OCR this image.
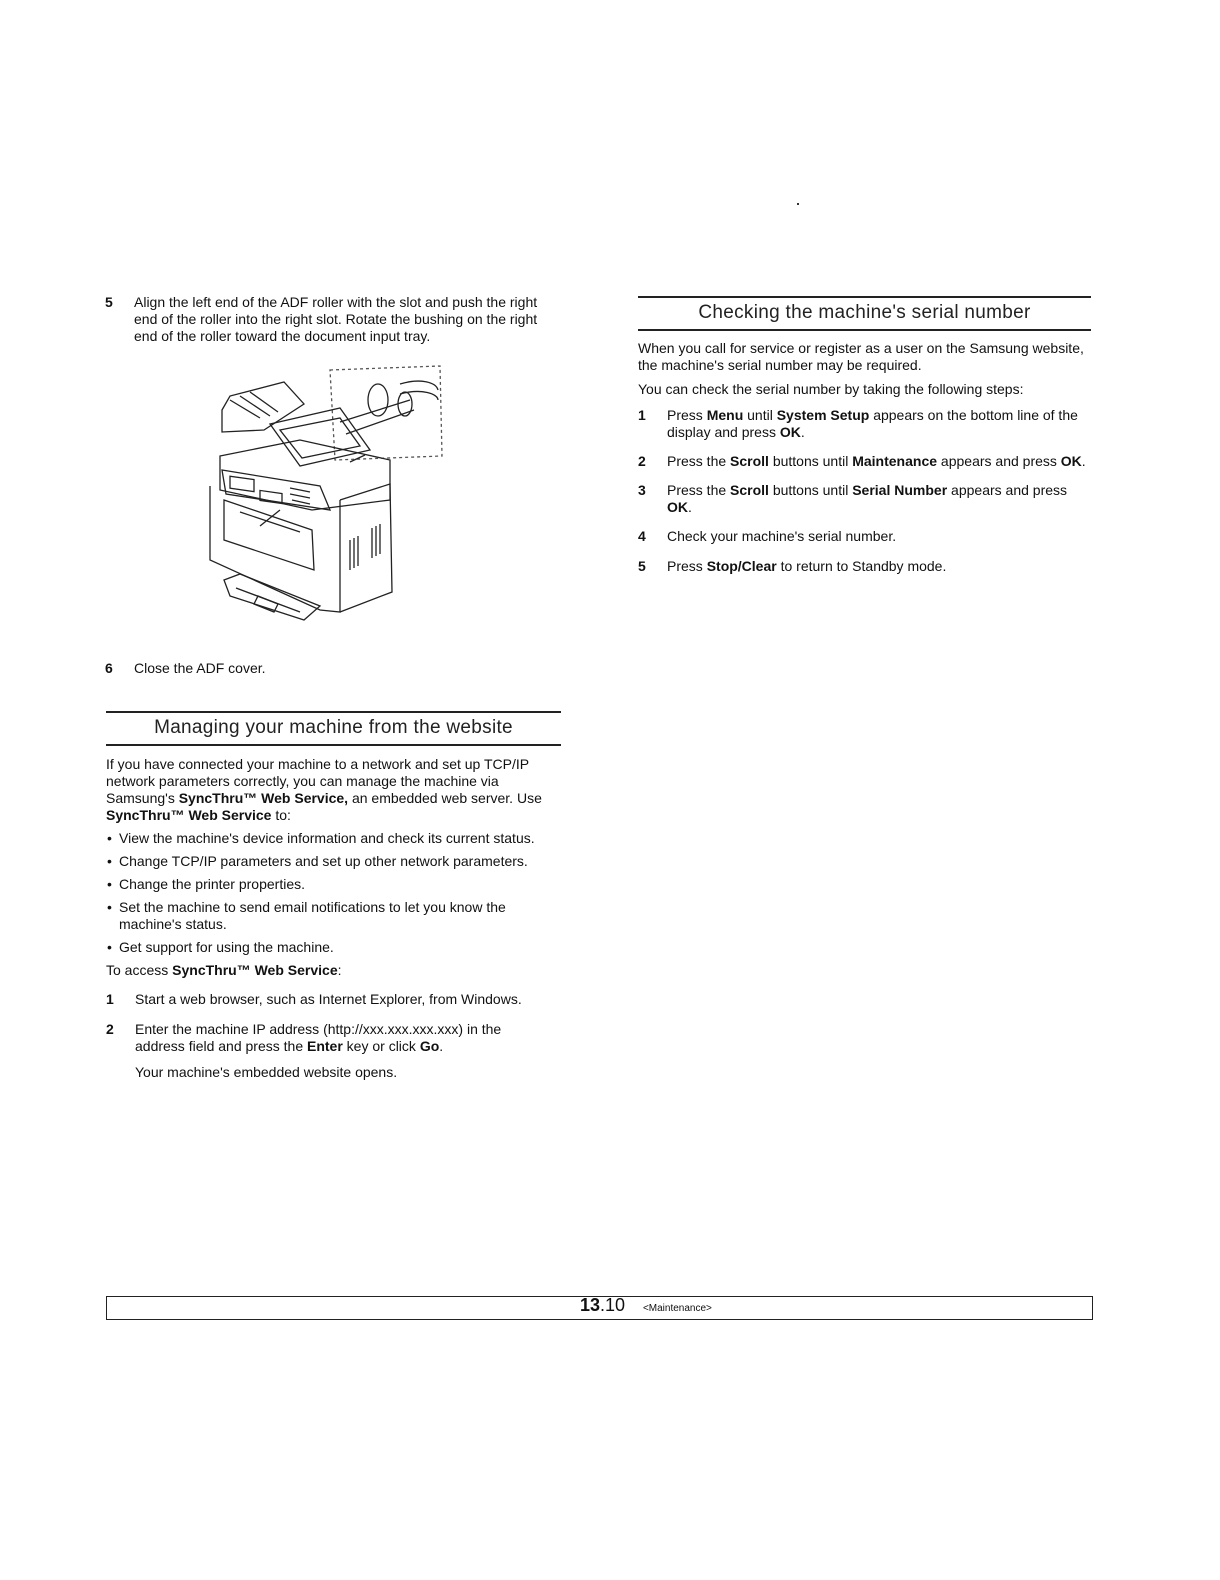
5 Align the left end of the ADF roller with the slot and push the right end of the roller into the right slot. Rotate the bushing on the right end of the roller toward the document input tray.

6 Close the ADF cover.

Managing your machine from the website

If you have connected your machine to a network and set up TCP/IP network parameters correctly, you can manage the machine via Samsung's SyncThru™ Web Service, an embedded web server. Use SyncThru™ Web Service to:

• View the machine's device information and check its current status.

• Change TCP/IP parameters and set up other network parameters.

• Change the printer properties.

• Set the machine to send email notifications to let you know the machine's status.

• Get support for using the machine.

To access SyncThru™ Web Service:

1 Start a web browser, such as Internet Explorer, from Windows.

2 Enter the machine IP address (http://xxx.xxx.xxx.xxx) in the address field and press the Enter key or click Go.

Your machine's embedded website opens.

Checking the machine's serial number

When you call for service or register as a user on the Samsung website, the machine's serial number may be required.

You can check the serial number by taking the following steps:

1 Press Menu until System Setup appears on the bottom line of the display and press OK.

2 Press the Scroll buttons until Maintenance appears and press OK.

3 Press the Scroll buttons until Serial Number appears and press OK.

4 Check your machine's serial number.

5 Press Stop/Clear to return to Standby mode.

13.10 <Maintenance>
